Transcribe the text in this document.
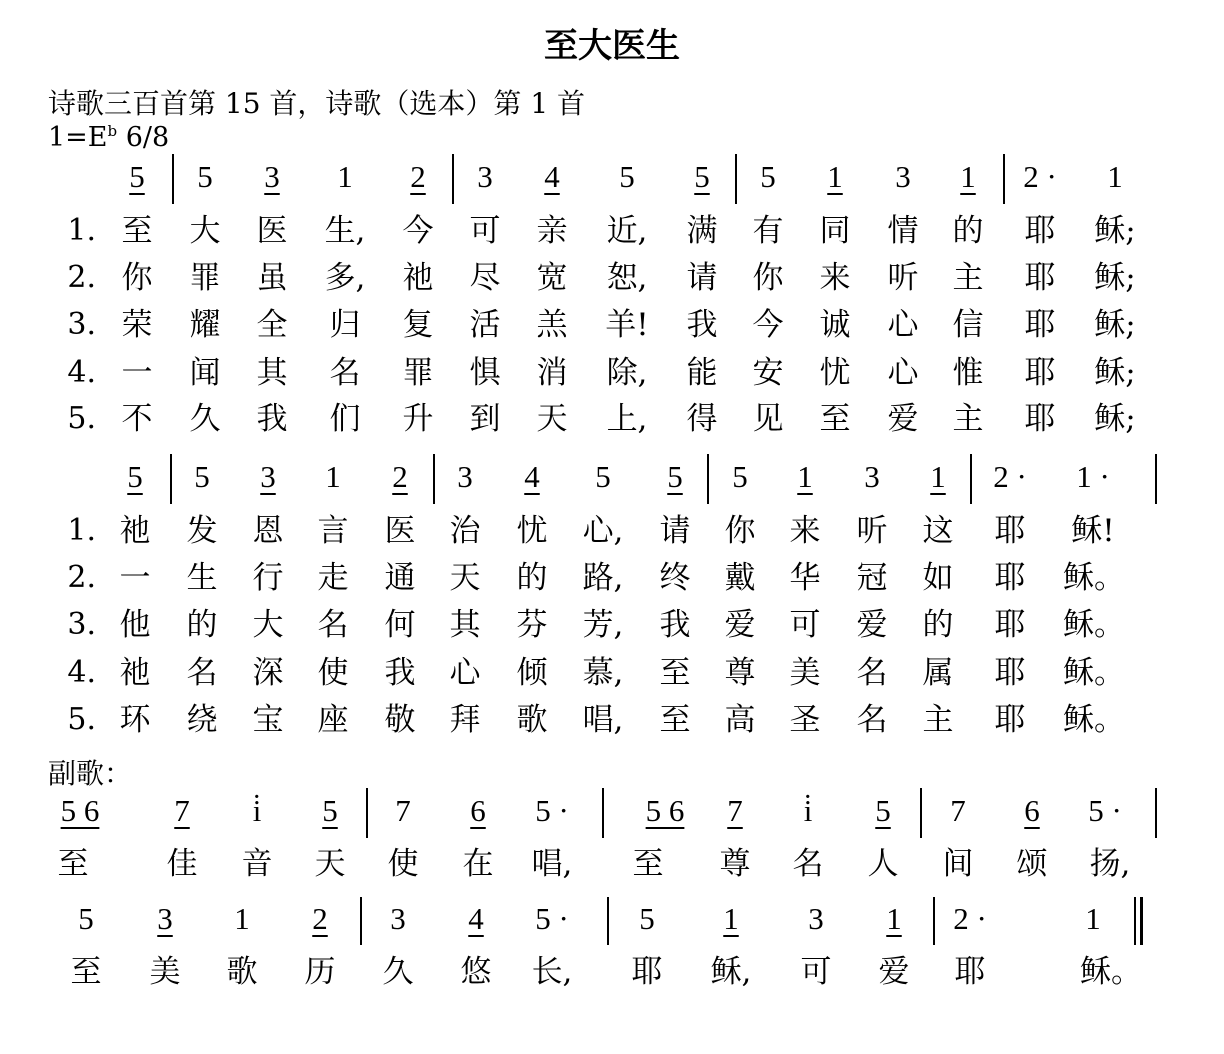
至大医生
诗歌三百首第 15 首，诗歌（选本）第 1 首
$1=E^b$ 6/8
副歌：
5	5	3	1	2	3	4	5	5	5	1	3	1	2 ·	1
1. 至	大	医	生,	今	可	亲	近,	满	有	同	情	的	耶	稣;
2. 你	罪	虽	多,	祂	尽	宽	恕,	请	你	来	听	主	耶	稣;
3. 荣	耀	全	归	复	活	羔	羊!	我	今	诚	心	信	耶	稣;
4. 一	闻	其	名	罪	惧	消	除,	能	安	忧	心	惟	耶	稣;
5. 不	久	我	们	升	到	天	上,	得	见	至	爱	主	耶	稣;
5	5	3	1	2	3	4	5	5	5	1	3	1	2 ·	1 ·
1. 祂	发	恩	言	医	治	忧	心,	请	你	来	听	这	耶	稣!
2. 一	生	行	走	通	天	的	路,	终	戴	华	冠	如	耶	稣。
3. 他	的	大	名	何	其	芬	芳,	我	爱	可	爱	的	耶	稣。
4. 祂	名	深	使	我	心	倾	慕,	至	尊	美	名	属	耶	稣。
5. 环	绕	宝	座	敬	拜	歌	唱,	至	高	圣	名	主	耶	稣。
5 6	7	i̇	5	7	6	5 ·	5 6	7	i̇	5	7	6	5 ·
至	佳	音	天	使	在	唱,	至	尊	名	人	间	颂	扬,
5	3	1	2	3	4	5 ·	5	1	3	1	2 ·	1
至	美	歌	历	久	悠	长,	耶	稣,	可	爱	耶	稣。
